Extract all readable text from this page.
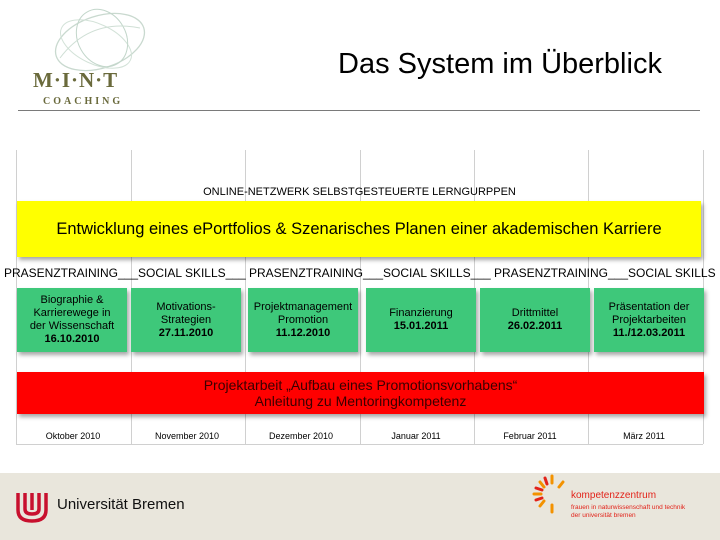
M·I·N·T
COACHING
Das System im Überblick
ONLINE-NETZWERK SELBSTGESTEUERTE LERNGURPPEN
Entwicklung eines ePortfolios & Szenarisches Planen einer akademischen Karriere
PRASENZTRAINING___SOCIAL SKILLS___ PRASENZTRAINING___SOCIAL SKILLS___ PRASENZTRAINING___SOCIAL SKILLS
Biographie &
Karrierewege in
der Wissenschaft
16.10.2010
Motivations-
Strategien
27.11.2010
Projektmanagement
Promotion
11.12.2010
Finanzierung
15.01.2011
Drittmittel
26.02.2011
Präsentation der
Projektarbeiten
11./12.03.2011
Projektarbeit „Aufbau eines Promotionsvorhabens“
Anleitung zu Mentoringkompetenz
Oktober 2010	November 2010	Dezember 2010	Januar 2011	Februar 2011	März 2011
Universität Bremen
kompetenzzentrum
frauen in naturwissenschaft und technik
der universität bremen
